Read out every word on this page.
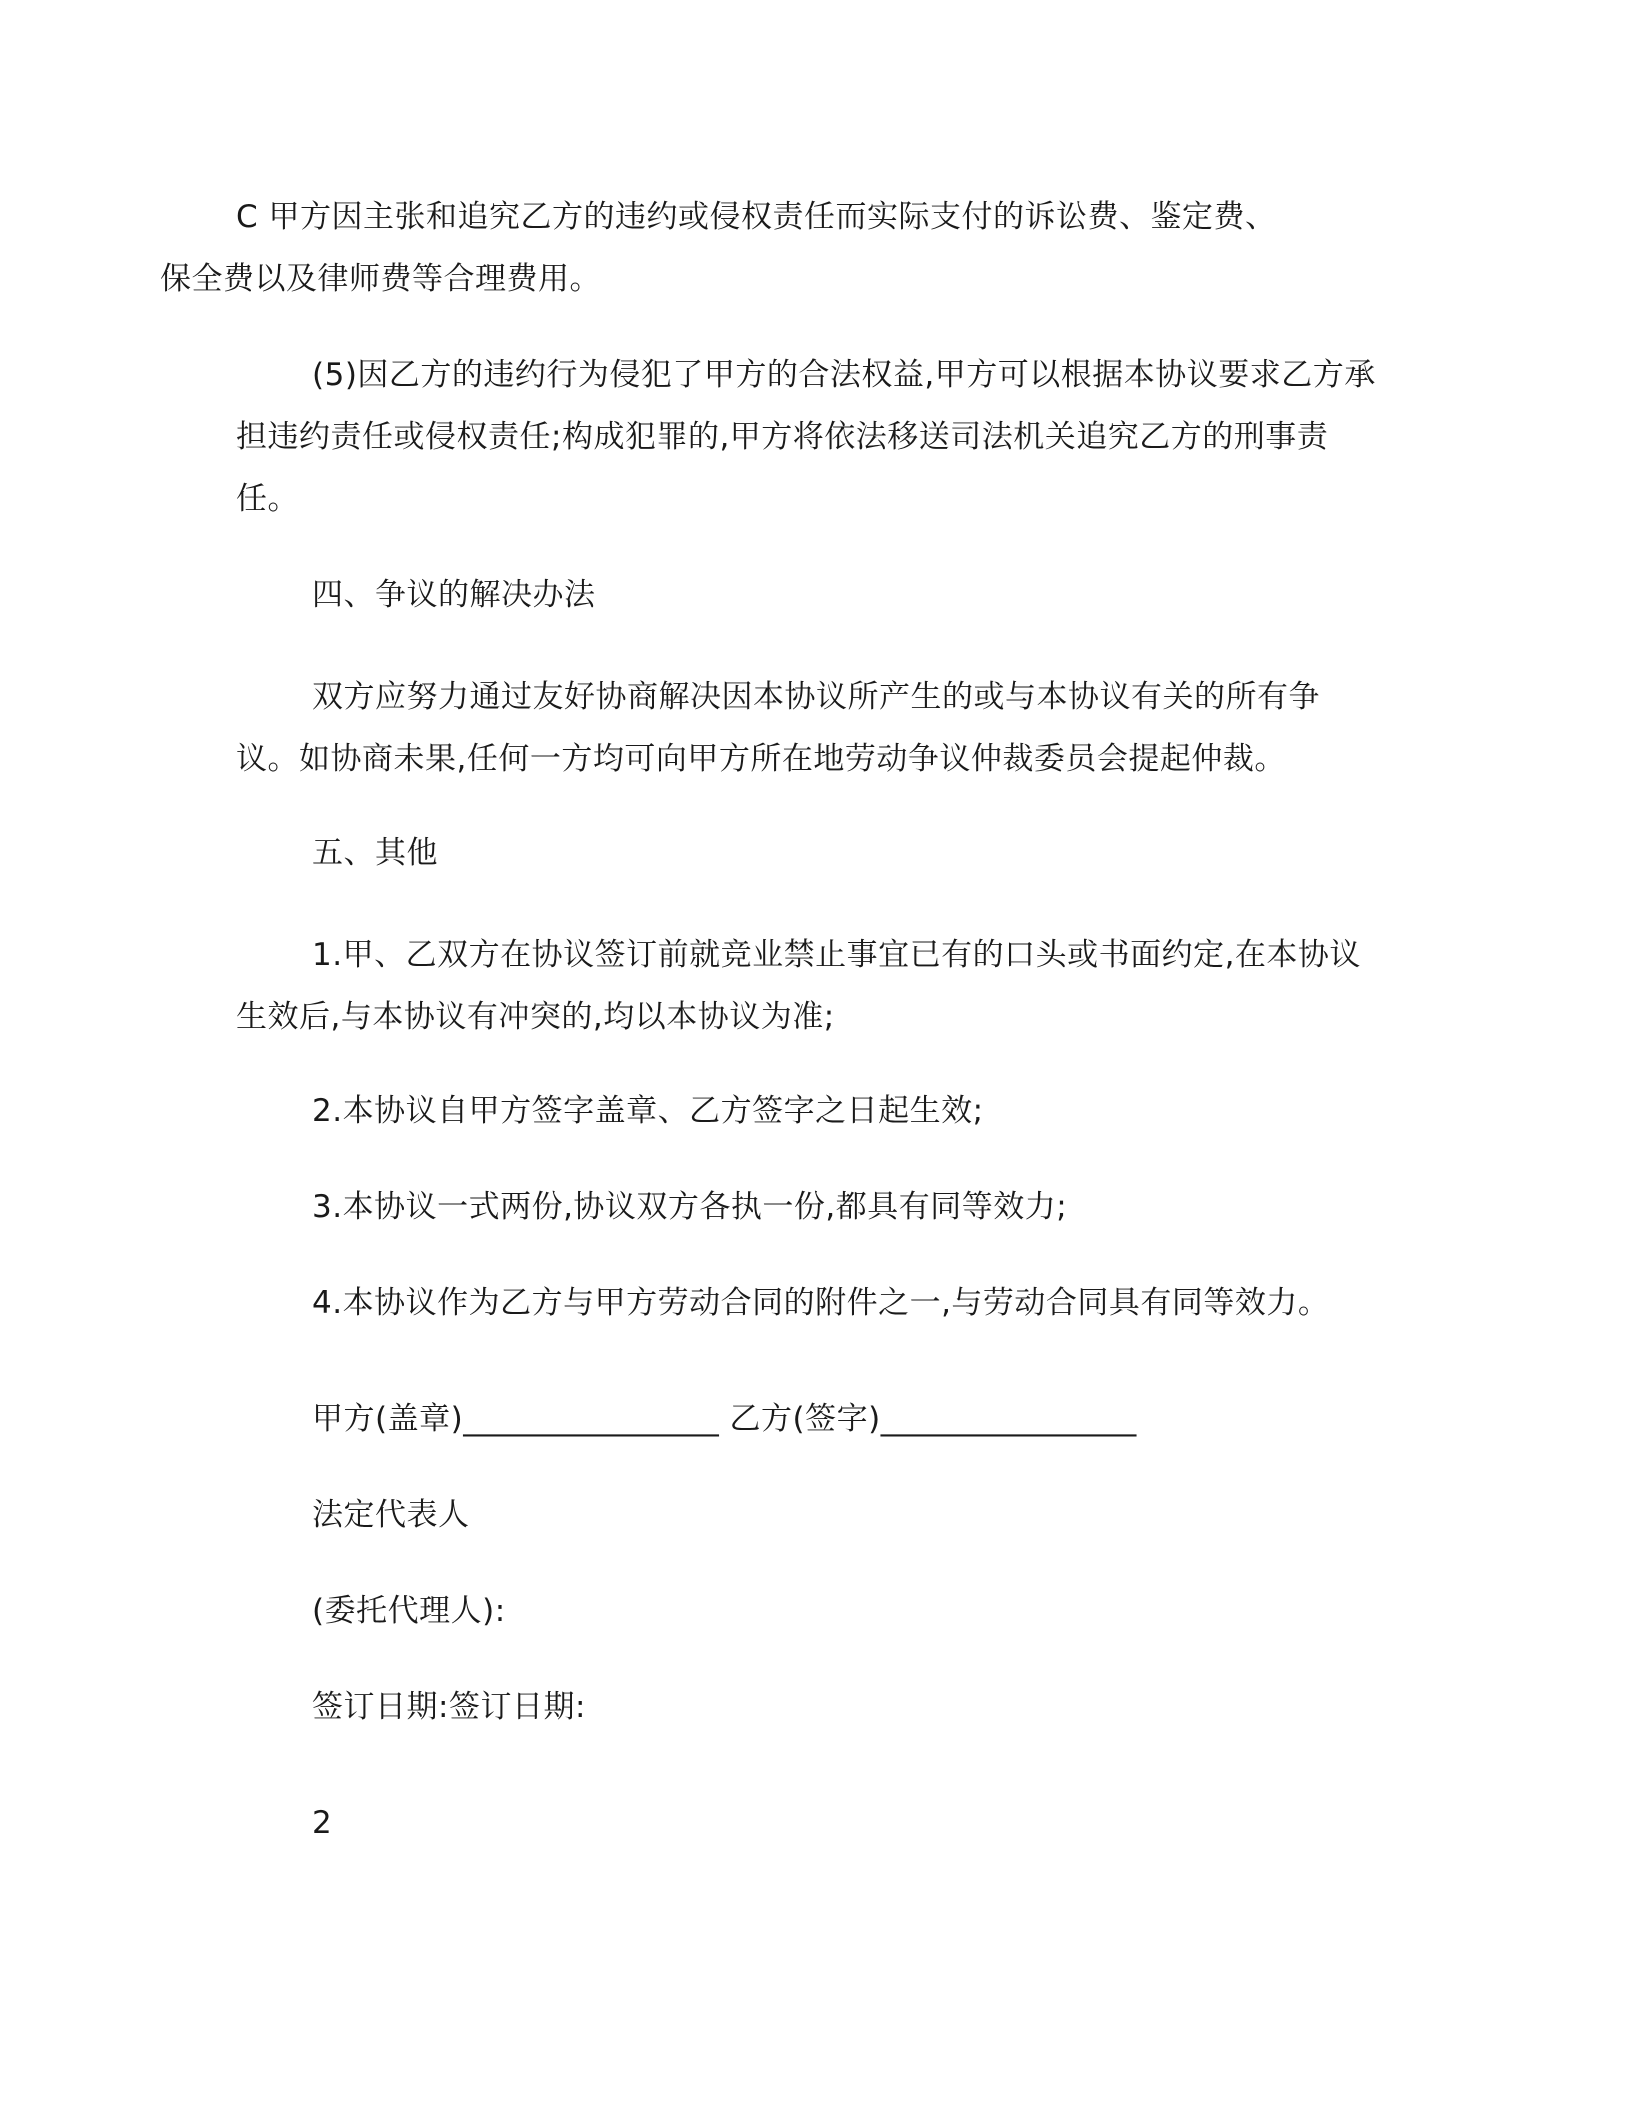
C 甲方因主张和追究乙方的违约或侵权责任而实际支付的诉讼费、鉴定费、
保全费以及律师费等合理费用。
(5)因乙方的违约行为侵犯了甲方的合法权益,甲方可以根据本协议要求乙方承
担违约责任或侵权责任;构成犯罪的,甲方将依法移送司法机关追究乙方的刑事责
任。
四、争议的解决办法
双方应努力通过友好协商解决因本协议所产生的或与本协议有关的所有争
议。如协商未果,任何一方均可向甲方所在地劳动争议仲裁委员会提起仲裁。
五、其他
1.甲、乙双方在协议签订前就竞业禁止事宜已有的口头或书面约定,在本协议
生效后,与本协议有冲突的,均以本协议为准;
2.本协议自甲方签字盖章、乙方签字之日起生效;
3.本协议一式两份,协议双方各执一份,都具有同等效力;
4.本协议作为乙方与甲方劳动合同的附件之一,与劳动合同具有同等效力。
甲方(盖章)________________ 乙方(签字)________________
法定代表人
(委托代理人):
签订日期:签订日期:
2
